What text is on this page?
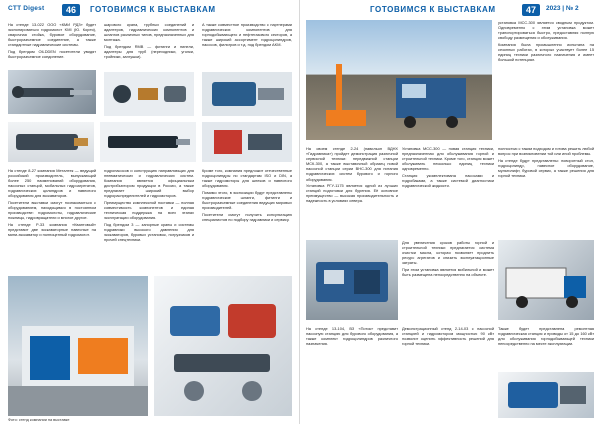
CTT Digest	46	ГОТОВИМСЯ К ВЫСТАВКАМ

На стенде 13-022 ООО «КМИ РДЗ» будет экспонироваться гидромолот KMI (Ю. Корея), сварочная стойка, буровое оборудование, быстроразъемное соединение, а также стандартные гидравлические системы.

Под брендом OILDDEN посетители увидят быстроразъемное соединение.

шарового крана, трубных соединений и адаптеров, гидравлических компонентов и шлангов различных типов, предназначенных для монтажа.

Под брендом RMB — фитинги и нипели, адаптеры для труб (переходники, уголки, тройники, заглушки).

А также совместное производство с партнерами гидравлических компонентов для горнодобывающего и нефтегазового секторов, а также широкий ассортимент гидроцилиндров, насосов, фильтров и т.д. под брендом AKM.

На стенде 8-27 компания Металтек — ведущий российский производитель, выпускающий более 250 наименований оборудования, насосных станций, мобильных гидроагрегатов, гидравлических цилиндров и навесного оборудования для экскаваторов.

Посетители выставки смогут познакомиться с оборудованием, находящимся в постоянном производстве: гидромолоты, гидравлические ножницы, гидровращатели и многое другое.

На стенде Р-33 компания «Квантовый» представит две экскаваторные навесные на мини-экскаватор и полноценный гидромолот.

гидронасосов и конструкцию направляющих для пневматических и гидравлических систем. Компания является официальным дистрибьютором продукции в России, а также предлагает широкий выбор гидрораспределителей и гидромоторов.

Преимущество комплексной поставки — полная совместимость компонентов и единая техническая поддержка на всех этапах эксплуатации оборудования.

Под брендом 3 — запорные краны и системы гидравлики высокого давления для экскаваторов, буровых установок, погрузчиков и прочей спецтехники.

Кроме того, компания предложит отечественные гидроцилиндры по стандартам ISO и DIN, а также гидромоторы для шнеков и навесного оборудования.

Помимо этого, в экспозиции будут представлены гидравлические шланги, фитинги и быстроразъемные соединения ведущих мировых производителей.

Посетители смогут получить консультацию специалистов по подбору гидравлики и сервису.

Фото: стенд компании на выставке
ГОТОВИМСЯ К ВЫСТАВКАМ	47	2023 | № 2

установка МСС-300 является сводным продуктом. Одновременно с этим установка может транспортироваться быстро, предоставляя полную свободу размещения и обслуживания.

Компания была промышленно испытана на сезонных работах, в которых участвует более 15 единиц техники различного назначения и имеет большой потенциал.

На своем стенде 2-24 (павильон ВДНХ «Гидравлика») пройдет демонстрация различной сервисной техники: передвижной станции МСК-300, а также выставочный образец новой насосной станции серии ВНС-300 для питания гидравлических систем бурового и горного оборудования.

Установка РГУ-1175 является одной из лучших станций подготовки для бурения. Её основное преимущество — высокая производительность и надежность в условиях севера.

Установка МСС-300 — новая станция техники, предназначенная для обслуживания горной и строительной техники. Кроме того, станция может обслуживать несколько единиц техники одновременно.

Станция укомплектована насосами и гидробаками, а также системой диагностики гидравлической жидкости.

полностью с таким подходом и готова решить любой вопрос при возникновении той или иной проблемы.

На стенде будут представлены: поворотный стол, гидроцилиндр, навесное оборудование, мультилифт, буровой сервис, а также решения для горной техники.

Для увеличения сроков работы горной и строительной техники предлагается система очистки масла, которая позволяет продлить ресурс агрегатов и снизить эксплуатационные затраты.

При этом установка является мобильной и может быть размещена непосредственно на объекте.

На стенде 13-104, ВЗ «Поток» представит насосную станцию для бурового оборудования, а также комплект гидроцилиндров различного назначения.

Демонстрационный стенд 2-14-03 с насосной станцией и гидромотором мощностью 90 кВт позволит оценить эффективность решений для горной техники.

Также будет представлена ремонтная гидравлическая станция и приводы от 15 до 160 кВт для обслуживания горнодобывающей техники непосредственно на месте эксплуатации.
